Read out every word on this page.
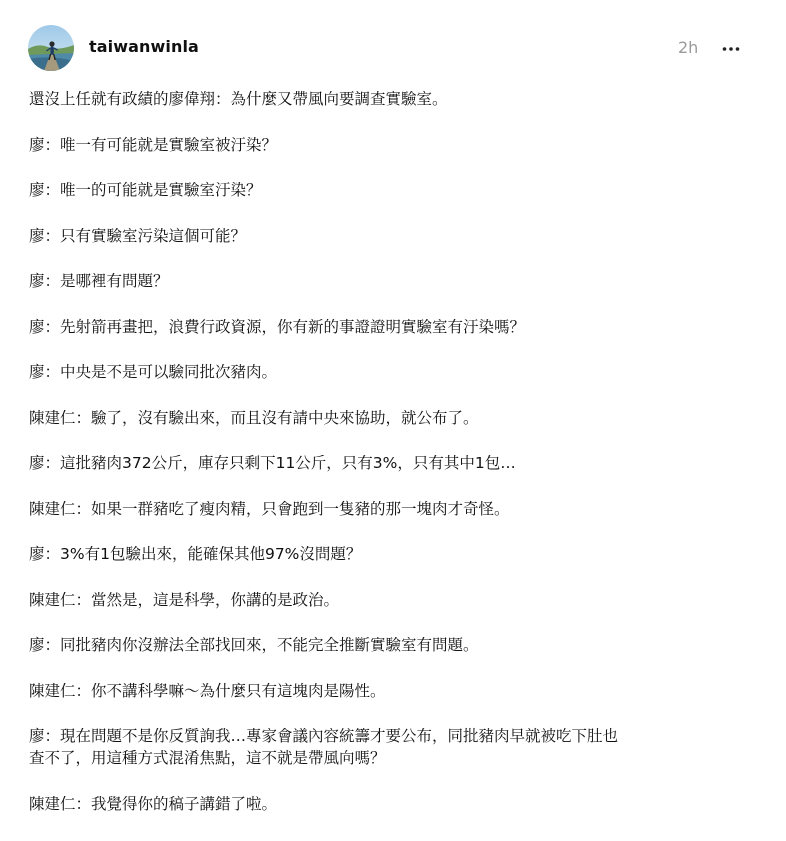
taiwanwinla	2h

還沒上任就有政績的廖偉翔：為什麼又帶風向要調查實驗室。

廖：唯一有可能就是實驗室被汙染？

廖：唯一的可能就是實驗室汙染？

廖：只有實驗室污染這個可能？

廖：是哪裡有問題？

廖：先射箭再畫把，浪費行政資源，你有新的事證證明實驗室有汙染嗎？

廖：中央是不是可以驗同批次豬肉。

陳建仁：驗了，沒有驗出來，而且沒有請中央來協助，就公布了。

廖：這批豬肉372公斤，庫存只剩下11公斤，只有3%，只有其中1包…

陳建仁：如果一群豬吃了瘦肉精，只會跑到一隻豬的那一塊肉才奇怪。

廖：3%有1包驗出來，能確保其他97%沒問題？

陳建仁：當然是，這是科學，你講的是政治。

廖：同批豬肉你沒辦法全部找回來，不能完全推斷實驗室有問題。

陳建仁：你不講科學嘛～為什麼只有這塊肉是陽性。

廖：現在問題不是你反質詢我…專家會議內容統籌才要公布，同批豬肉早就被吃下肚也
查不了，用這種方式混淆焦點，這不就是帶風向嗎？

陳建仁：我覺得你的稿子講錯了啦。
